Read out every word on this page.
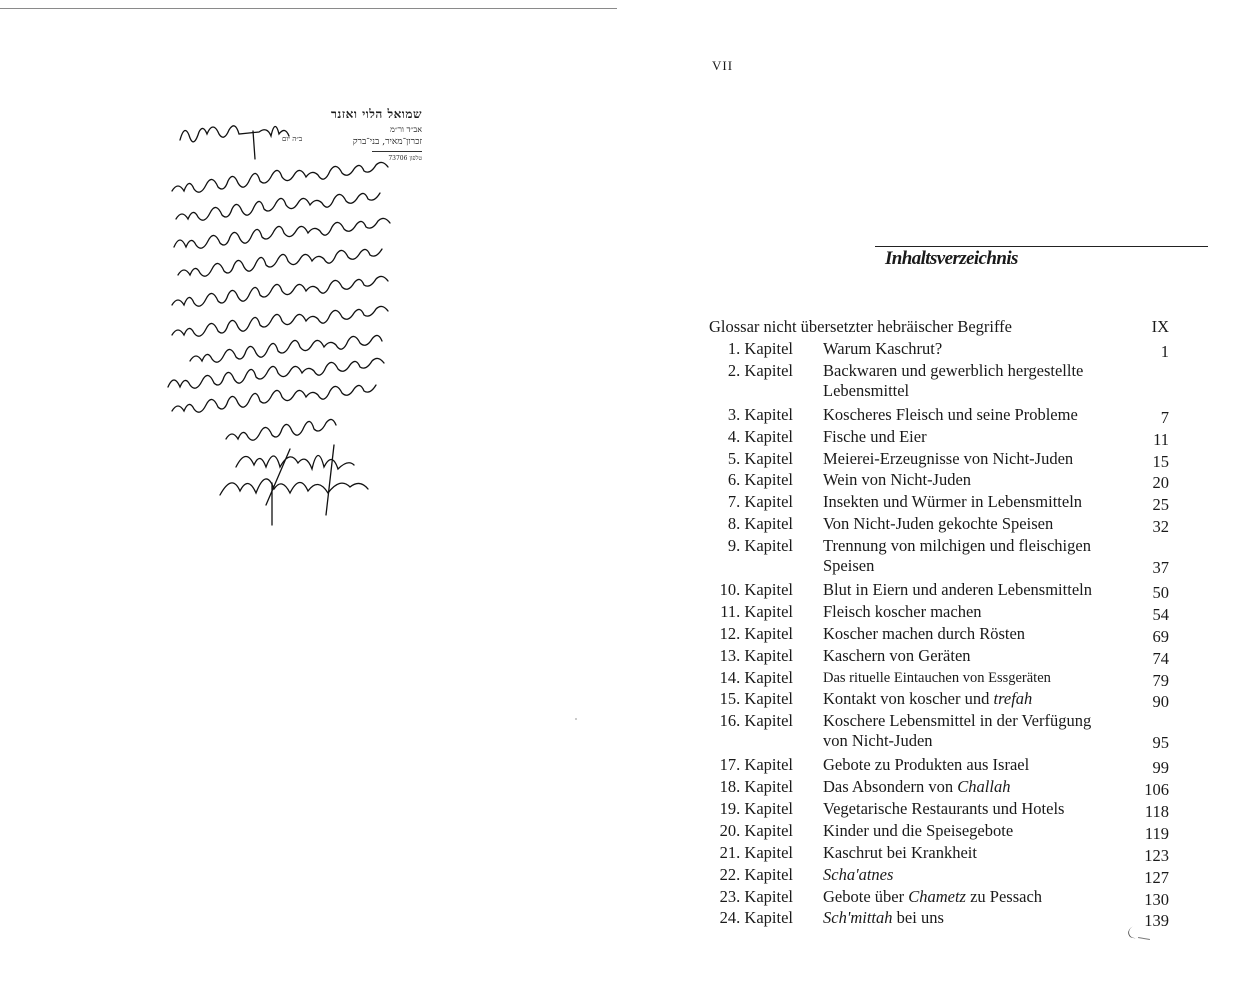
שמואל הלוי ואזנר
אב״ד ור״מ
זכרון־מאיר, בני־ברק
טלפון 73706
ב״ה יום
VII
Inhaltsverzeichnis
Glossar nicht übersetzter hebräischer Begriffe	IX
1. Kapitel Warum Kaschrut?	1
2. Kapitel Backwaren und gewerblich hergestellte
Lebensmittel
3. Kapitel Koscheres Fleisch und seine Probleme	7
4. Kapitel Fische und Eier	11
5. Kapitel Meierei-Erzeugnisse von Nicht-Juden	15
6. Kapitel Wein von Nicht-Juden	20
7. Kapitel Insekten und Würmer in Lebensmitteln	25
8. Kapitel Von Nicht-Juden gekochte Speisen	32
9. Kapitel Trennung von milchigen und fleischigen
Speisen	37
10. Kapitel Blut in Eiern und anderen Lebensmitteln	50
11. Kapitel Fleisch koscher machen	54
12. Kapitel Koscher machen durch Rösten	69
13. Kapitel Kaschern von Geräten	74
14. Kapitel Das rituelle Eintauchen von Essgeräten	79
15. Kapitel Kontakt von koscher und trefah	90
16. Kapitel Koschere Lebensmittel in der Verfügung
von Nicht-Juden	95
17. Kapitel Gebote zu Produkten aus Israel	99
18. Kapitel Das Absondern von Challah	106
19. Kapitel Vegetarische Restaurants und Hotels	118
20. Kapitel Kinder und die Speisegebote	119
21. Kapitel Kaschrut bei Krankheit	123
22. Kapitel Scha'atnes	127
23. Kapitel Gebote über Chametz zu Pessach	130
24. Kapitel Sch'mittah bei uns	139
